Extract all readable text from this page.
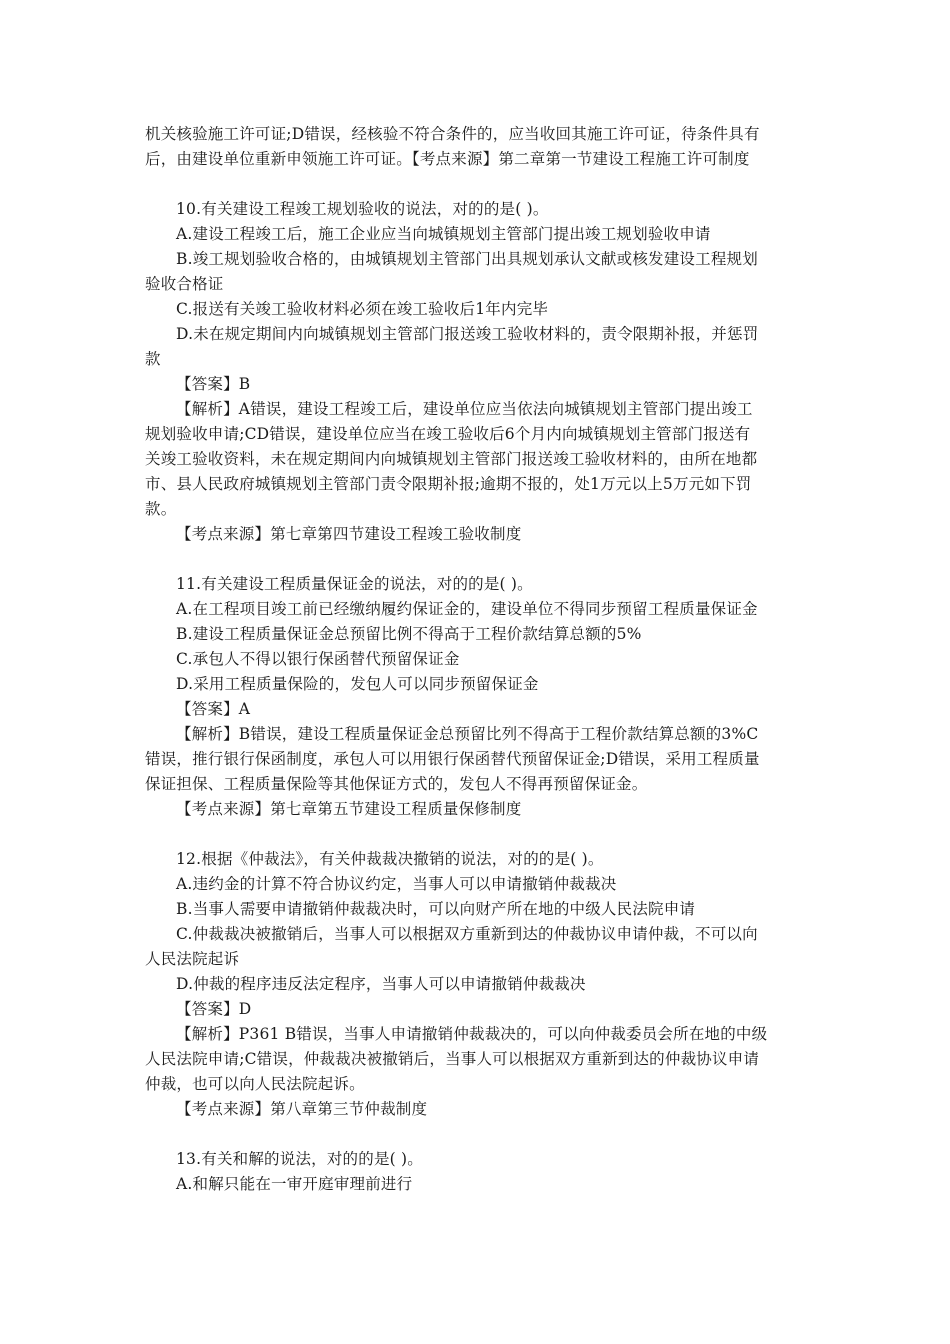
机关核验施工许可证;D错误，经核验不符合条件的，应当收回其施工许可证，待条件具有
后，由建设单位重新申领施工许可证。【考点来源】第二章第一节建设工程施工许可制度
10.有关建设工程竣工规划验收的说法，对的的是( )。
A.建设工程竣工后，施工企业应当向城镇规划主管部门提出竣工规划验收申请
B.竣工规划验收合格的，由城镇规划主管部门出具规划承认文献或核发建设工程规划
验收合格证
C.报送有关竣工验收材料必须在竣工验收后1年内完毕
D.未在规定期间内向城镇规划主管部门报送竣工验收材料的，责令限期补报，并惩罚
款
【答案】B
【解析】A错误，建设工程竣工后，建设单位应当依法向城镇规划主管部门提出竣工
规划验收申请;CD错误，建设单位应当在竣工验收后6个月内向城镇规划主管部门报送有
关竣工验收资料，未在规定期间内向城镇规划主管部门报送竣工验收材料的，由所在地都
市、县人民政府城镇规划主管部门责令限期补报;逾期不报的，处1万元以上5万元如下罚
款。
【考点来源】第七章第四节建设工程竣工验收制度
11.有关建设工程质量保证金的说法，对的的是( )。
A.在工程项目竣工前已经缴纳履约保证金的，建设单位不得同步预留工程质量保证金
B.建设工程质量保证金总预留比例不得高于工程价款结算总额的5%
C.承包人不得以银行保函替代预留保证金
D.采用工程质量保险的，发包人可以同步预留保证金
【答案】A
【解析】B错误，建设工程质量保证金总预留比列不得高于工程价款结算总额的3%C
错误，推行银行保函制度，承包人可以用银行保函替代预留保证金;D错误，采用工程质量
保证担保、工程质量保险等其他保证方式的，发包人不得再预留保证金。
【考点来源】第七章第五节建设工程质量保修制度
12.根据《仲裁法》，有关仲裁裁决撤销的说法，对的的是( )。
A.违约金的计算不符合协议约定，当事人可以申请撤销仲裁裁决
B.当事人需要申请撤销仲裁裁决时，可以向财产所在地的中级人民法院申请
C.仲裁裁决被撤销后，当事人可以根据双方重新到达的仲裁协议申请仲裁，不可以向
人民法院起诉
D.仲裁的程序违反法定程序，当事人可以申请撤销仲裁裁决
【答案】D
【解析】P361 B错误，当事人申请撤销仲裁裁决的，可以向仲裁委员会所在地的中级
人民法院申请;C错误，仲裁裁决被撤销后，当事人可以根据双方重新到达的仲裁协议申请
仲裁，也可以向人民法院起诉。
【考点来源】第八章第三节仲裁制度
13.有关和解的说法，对的的是( )。
A.和解只能在一审开庭审理前进行
